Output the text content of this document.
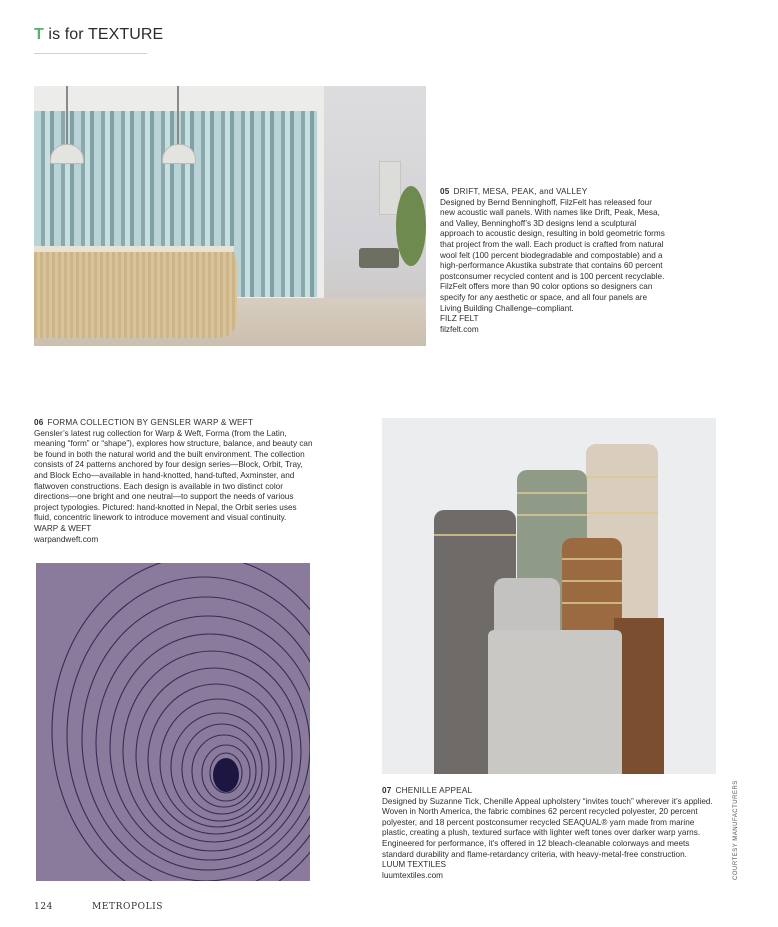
T is for TEXTURE
05 DRIFT, MESA, PEAK, and VALLEY

Designed by Bernd Benninghoff, FilzFelt has released four new acoustic wall panels. With names like Drift, Peak, Mesa, and Valley, Benninghoff’s 3D designs lend a sculptural approach to acoustic design, resulting in bold geometric forms that project from the wall. Each product is crafted from natural wool felt (100 percent biodegradable and compostable) and a high-performance Akustika substrate that contains 60 percent postconsumer recycled content and is 100 percent recyclable. FilzFelt offers more than 90 color options so designers can specify for any aesthetic or space, and all four panels are Living Building Challenge–compliant.

FILZ FELT
filzfelt.com
06 FORMA COLLECTION BY GENSLER WARP & WEFT

Gensler’s latest rug collection for Warp & Weft, Forma (from the Latin, meaning “form” or “shape”), explores how structure, balance, and beauty can be found in both the natural world and the built environment. The collection consists of 24 patterns anchored by four design series—Block, Orbit, Tray, and Block Echo—available in hand-knotted, hand-tufted, Axminster, and flatwoven constructions. Each design is available in two distinct color directions—one bright and one neutral—to support the needs of various project typologies. Pictured: hand-knotted in Nepal, the Orbit series uses fluid, concentric linework to introduce movement and visual continuity.

WARP & WEFT
warpandweft.com
07 CHENILLE APPEAL

Designed by Suzanne Tick, Chenille Appeal upholstery “invites touch” wherever it’s applied. Woven in North America, the fabric combines 62 percent recycled polyester, 20 percent polyester, and 18 percent postconsumer recycled SEAQUAL® yarn made from marine plastic, creating a plush, textured surface with lighter weft tones over darker warp yarns. Engineered for performance, it’s offered in 12 bleach-cleanable colorways and meets standard durability and flame-retardancy criteria, with heavy-metal-free construction.

LUUM TEXTILES
luumtextiles.com	COURTESY MANUFACTURERS
124	METROPOLIS
